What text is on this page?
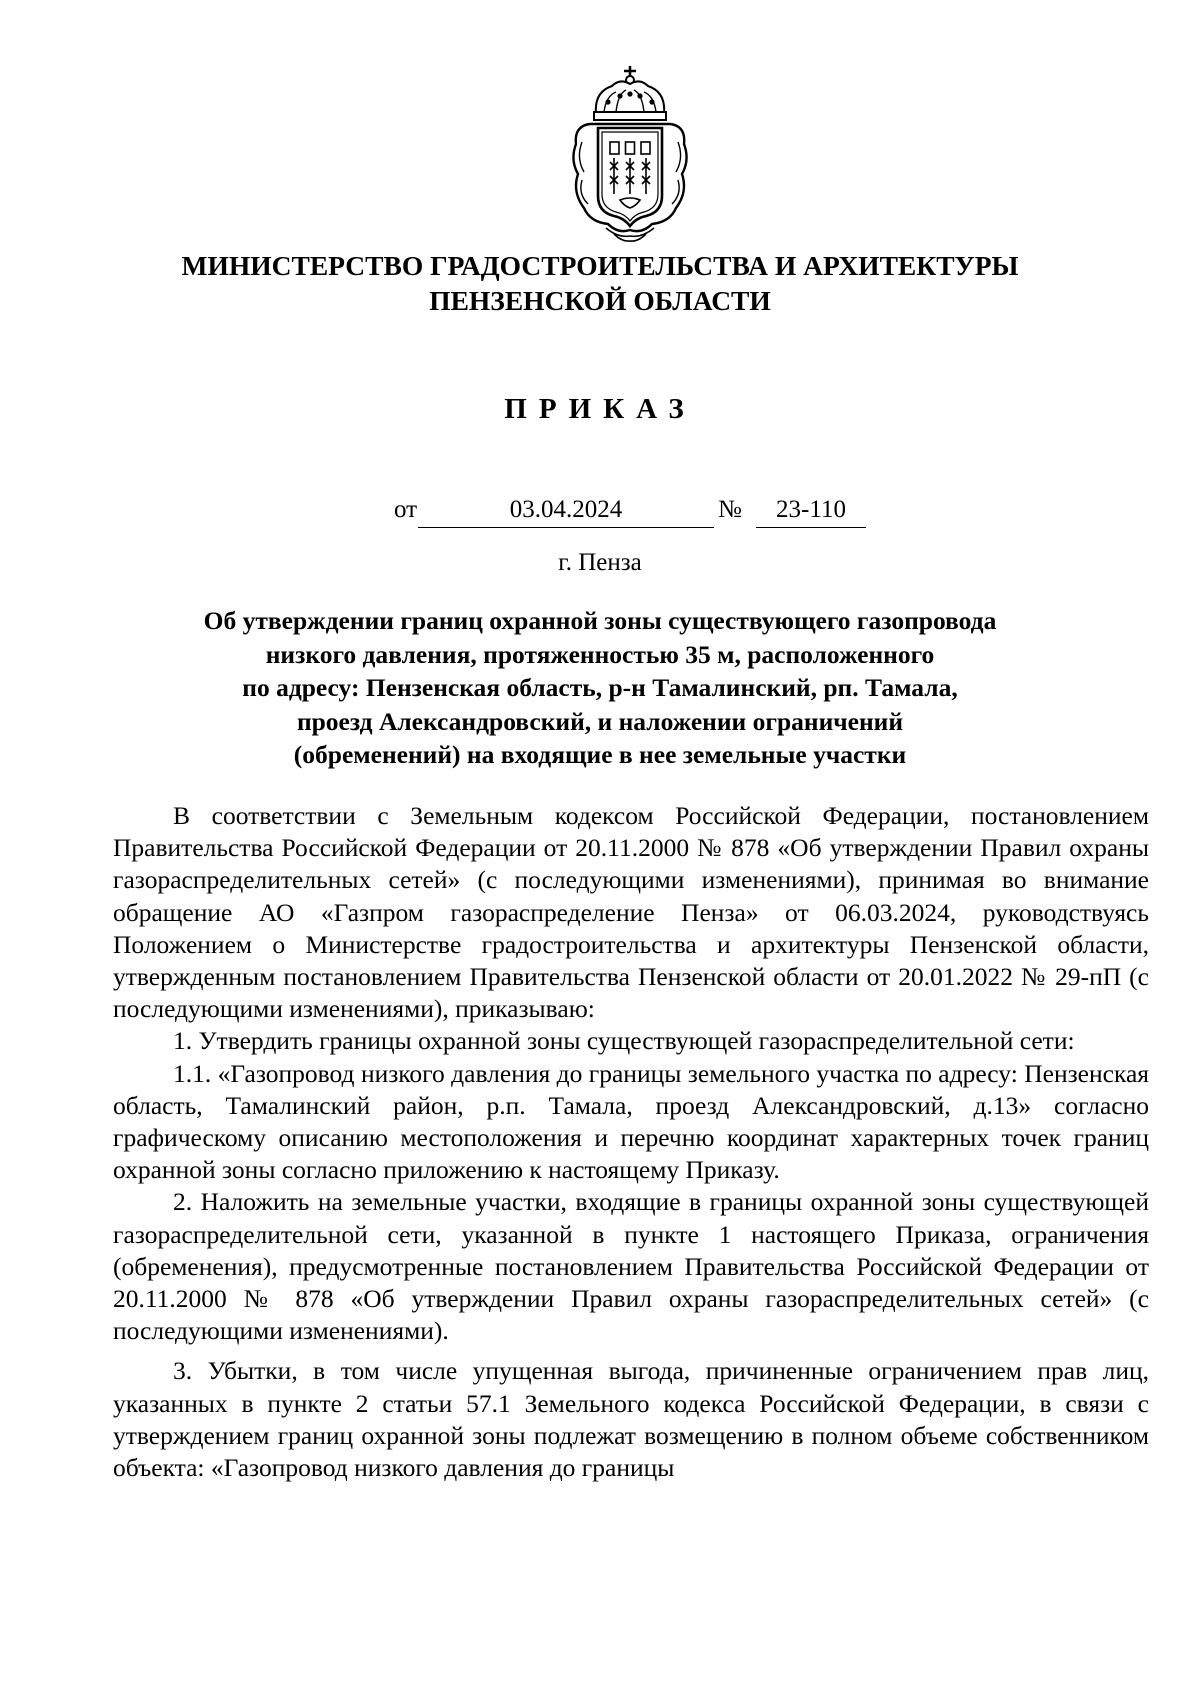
МИНИСТЕРСТВО ГРАДОСТРОИТЕЛЬСТВА И АРХИТЕКТУРЫ
ПЕНЗЕНСКОЙ ОБЛАСТИ
ПРИКАЗ
от	03.04.2024	№	23-110
г. Пенза
Об утверждении границ охранной зоны существующего газопровода
низкого давления, протяженностью 35 м, расположенного
по адресу: Пензенская область, р-н Тамалинский, рп. Тамала,
проезд Александровский, и наложении ограничений
(обременений) на входящие в нее земельные участки

В соответствии с Земельным кодексом Российской Федерации, постановлением Правительства Российской Федерации от 20.11.2000 № 878 «Об утверждении Правил охраны газораспределительных сетей» (с последующими изменениями), принимая во внимание обращение АО «Газпром газораспределение Пенза» от 06.03.2024, руководствуясь Положением о Министерстве градостроительства и архитектуры Пензенской области, утвержденным постановлением Правительства Пензенской области от 20.01.2022 № 29-пП (с последующими изменениями), приказываю:

1. Утвердить границы охранной зоны существующей газораспределительной сети:

1.1. «Газопровод низкого давления до границы земельного участка по адресу: Пензенская область, Тамалинский район, р.п. Тамала, проезд Александровский, д.13» согласно графическому описанию местоположения и перечню координат характерных точек границ охранной зоны согласно приложению к настоящему Приказу.

2. Наложить на земельные участки, входящие в границы охранной зоны существующей газораспределительной сети, указанной в пункте 1 настоящего Приказа, ограничения (обременения), предусмотренные постановлением Правительства Российской Федерации от 20.11.2000 № 878 «Об утверждении Правил охраны газораспределительных сетей» (с последующими изменениями).

3. Убытки, в том числе упущенная выгода, причиненные ограничением прав лиц, указанных в пункте 2 статьи 57.1 Земельного кодекса Российской Федерации, в связи с утверждением границ охранной зоны подлежат возмещению в полном объеме собственником объекта: «Газопровод низкого давления до границы
